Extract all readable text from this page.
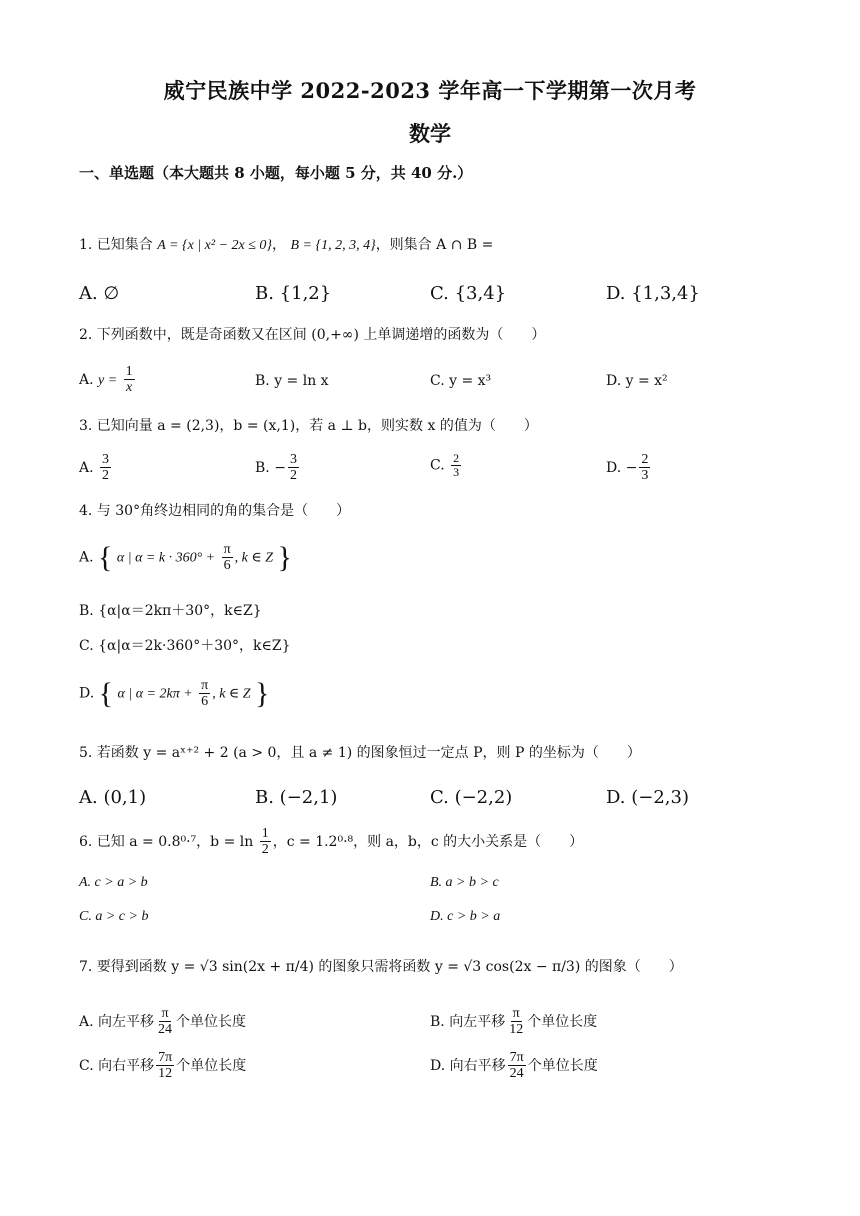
威宁民族中学 2022-2023 学年高一下学期第一次月考
数学
一、单选题（本大题共 8 小题，每小题 5 分，共 40 分.）
1. 已知集合 A = {x | x² − 2x ≤ 0}， B = {1, 2, 3, 4}，则集合 A ∩ B =
A. ∅	B. {1,2}	C. {3,4}	D. {1,3,4}
2. 下列函数中，既是奇函数又在区间 (0,+∞) 上单调递增的函数为（　　）
A. $y = \frac{1}{x}$	B. y = ln x	C. y = x³	D. y = x²
3. 已知向量 a = (2,3)，b = (x,1)，若 a ⊥ b，则实数 x 的值为（　　）
A. $\frac{3}{2}$	B. − $\frac{3}{2}$	C. $\frac{2}{3}$	D. − $\frac{2}{3}$
4. 与 30°角终边相同的角的集合是（　　）
A. { α | $\alpha = k \cdot 360^\circ + \frac{\pi}{6}$ , k ∈ Z }
B. {α|α＝2kπ＋30°，k∈Z}
C. {α|α＝2k·360°＋30°，k∈Z}
D. { α | $\alpha = 2k\pi + \frac{\pi}{6}$ , k ∈ Z }
5. 若函数 y = aˣ⁺² + 2 (a > 0，且 a ≠ 1) 的图象恒过一定点 P，则 P 的坐标为（　　）
A. (0,1)	B. (−2,1)	C. (−2,2)	D. (−2,3)
6. 已知 a = 0.8⁰·⁷，$b = \ln \frac{1}{2}$ ，c = 1.2⁰·⁸，则 a，b，c 的大小关系是（　　）
A. c > a > b	B. a > b > c
C. a > c > b	D. c > b > a
7. 要得到函数 y = √3 sin(2x + π/4) 的图象只需将函数 y = √3 cos(2x − π/3) 的图象（　　）
A. 向左平移 $\frac{\pi}{24}$ 个单位长度	B. 向左平移 $\frac{\pi}{12}$ 个单位长度
C. 向右平移 $\frac{7\pi}{12}$ 个单位长度	D. 向右平移 $\frac{7\pi}{24}$ 个单位长度
